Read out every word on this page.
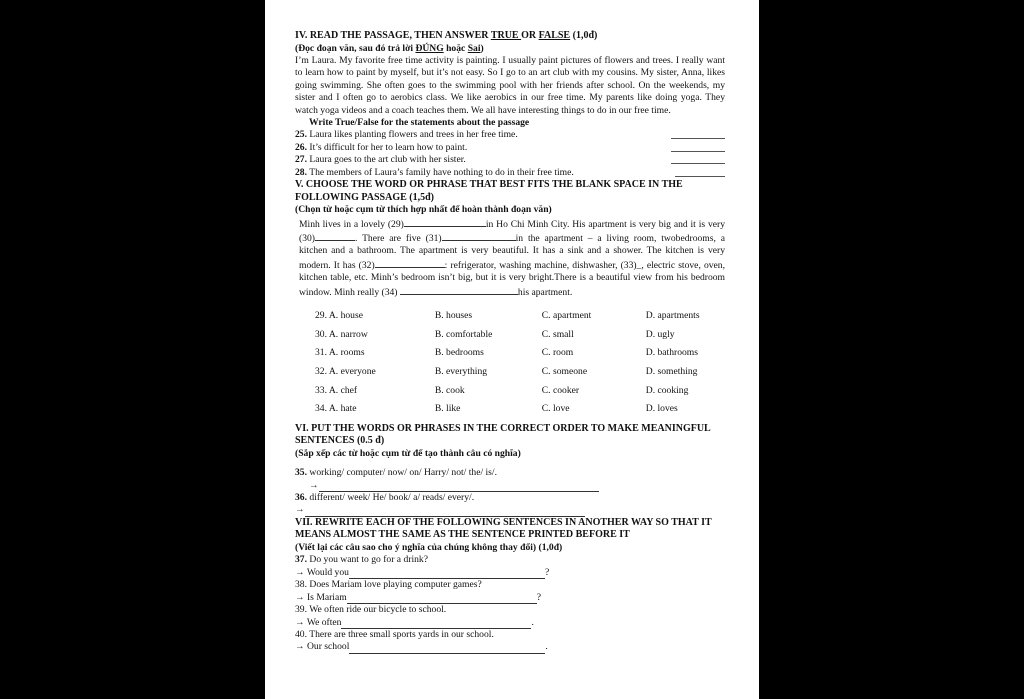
IV. READ THE PASSAGE, THEN ANSWER TRUE OR FALSE (1,0đ)
(Đọc đoạn văn, sau đó trả lời ĐÚNG hoặc Sai)
I’m Laura. My favorite free time activity is painting. I usually paint pictures of flowers and trees. I really want to learn how to paint by myself, but it’s not easy. So I go to an art club with my cousins. My sister, Anna, likes going swimming. She often goes to the swimming pool with her friends after school. On the weekends, my sister and I often go to aerobics class. We like aerobics in our free time. My parents like doing yoga. They watch yoga videos and a coach teaches them. We all have interesting things to do in our free time.
Write True/False for the statements about the passage
25. Laura likes planting flowers and trees in her free time.
26. It’s difficult for her to learn how to paint.
27. Laura goes to the art club with her sister.
28. The members of Laura’s family have nothing to do in their free time.
V. CHOOSE THE WORD OR PHRASE THAT BEST FITS THE BLANK SPACE IN THE FOLLOWING PASSAGE (1,5đ)
(Chọn từ hoặc cụm từ thích hợp nhất để hoàn thành đoạn văn)
Minh lives in a lovely (29)	in Ho Chi Minh City. His apartment is very big and it is very (30)	. There are five (31)	in the apartment – a living room, twobedrooms, a kitchen and a bathroom. The apartment is very beautiful. It has a sink and a shower. The kitchen is very modern. It has (32)	: refrigerator, washing machine, dishwasher, (33)_, electric stove, oven, kitchen table, etc. Minh’s bedroom isn’t big, but it is very bright.There is a beautiful view from his bedroom window. Minh really (34)	his apartment.
29. A. house	B. houses	C. apartment	D. apartments
30. A. narrow	B. comfortable	C. small	D. ugly
31. A. rooms	B. bedrooms	C. room	D. bathrooms
32. A. everyone	B. everything	C. someone	D. something
33. A. chef	B. cook	C. cooker	D. cooking
34. A. hate	B. like	C. love	D. loves
VI. PUT THE WORDS OR PHRASES IN THE CORRECT ORDER TO MAKE MEANINGFUL SENTENCES (0.5 đ)
(Sắp xếp các từ hoặc cụm từ để tạo thành câu có nghĩa)
35. working/ computer/ now/ on/ Harry/ not/ the/ is/.
→
36. different/ week/ He/ book/ a/ reads/ every/.
→
VII. REWRITE EACH OF THE FOLLOWING SENTENCES IN ANOTHER WAY SO THAT IT MEANS ALMOST THE SAME AS THE SENTENCE PRINTED BEFORE IT
(Viết lại các câu sao cho ý nghĩa của chúng không thay đổi) (1,0đ)
37. Do you want to go for a drink?
→ Would you	?
38. Does Mariam love playing computer games?
→ Is Mariam	?
39. We often ride our bicycle to school.
→ We often	.
40. There are three small sports yards in our school.
→ Our school	.
